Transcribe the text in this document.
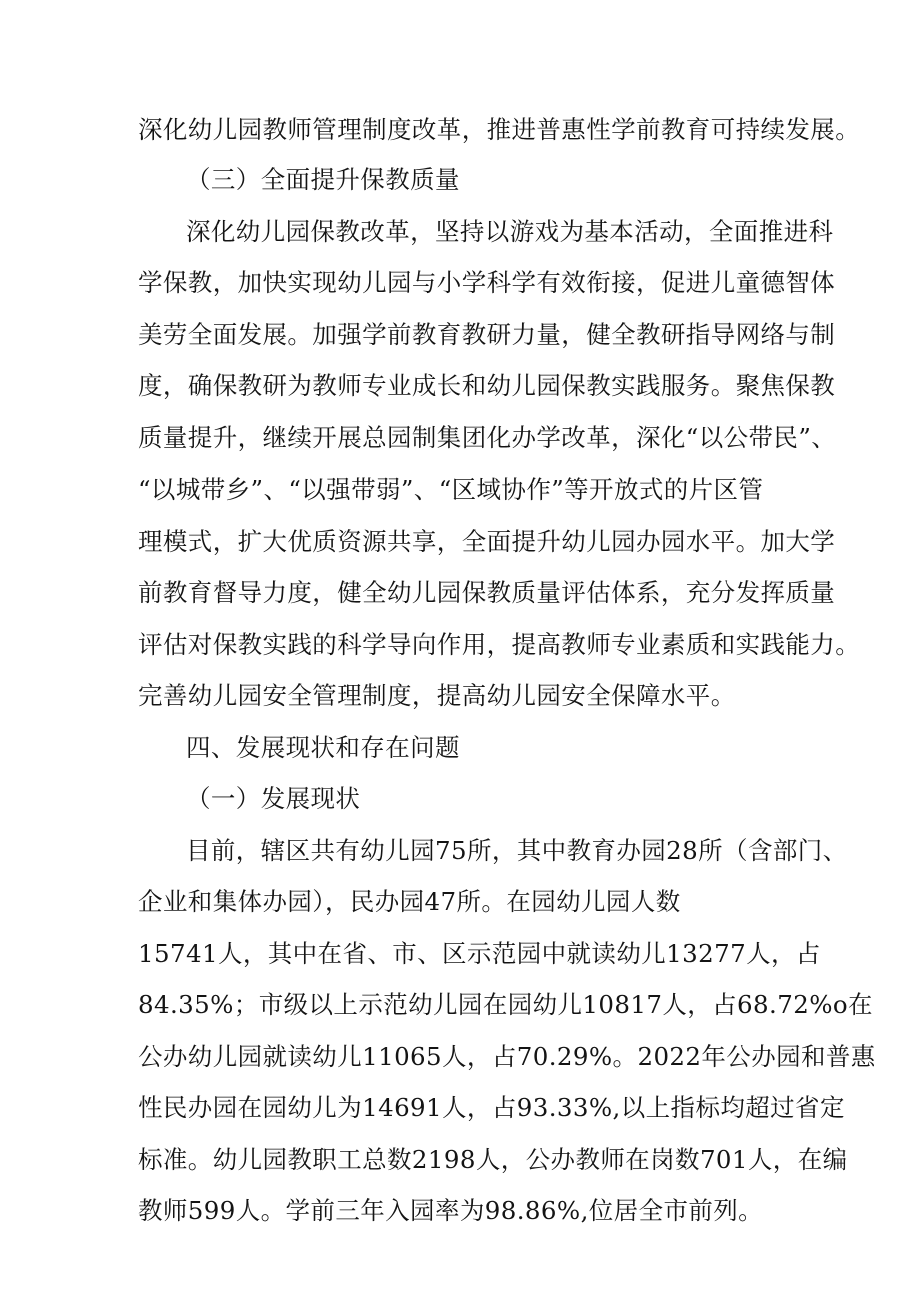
深化幼儿园教师管理制度改革，推进普惠性学前教育可持续发展。

（三）全面提升保教质量

深化幼儿园保教改革，坚持以游戏为基本活动，全面推进科

学保教，加快实现幼儿园与小学科学有效衔接，促进儿童德智体

美劳全面发展。加强学前教育教研力量，健全教研指导网络与制

度，确保教研为教师专业成长和幼儿园保教实践服务。聚焦保教

质量提升，继续开展总园制集团化办学改革，深化“以公带民”、

“以城带乡”、“以强带弱”、“区域协作”等开放式的片区管

理模式，扩大优质资源共享，全面提升幼儿园办园水平。加大学

前教育督导力度，健全幼儿园保教质量评估体系，充分发挥质量

评估对保教实践的科学导向作用，提高教师专业素质和实践能力。

完善幼儿园安全管理制度，提高幼儿园安全保障水平。

四、发展现状和存在问题

（一）发展现状

目前，辖区共有幼儿园75所，其中教育办园28所（含部门、

企业和集体办园），民办园47所。在园幼儿园人数

15741人，其中在省、市、区示范园中就读幼儿13277人，占

84.35%；市级以上示范幼儿园在园幼儿10817人，占68.72%o在

公办幼儿园就读幼儿11065人，占70.29%。2022年公办园和普惠

性民办园在园幼儿为14691人，占93.33%,以上指标均超过省定

标准。幼儿园教职工总数2198人，公办教师在岗数701人，在编

教师599人。学前三年入园率为98.86%,位居全市前列。
